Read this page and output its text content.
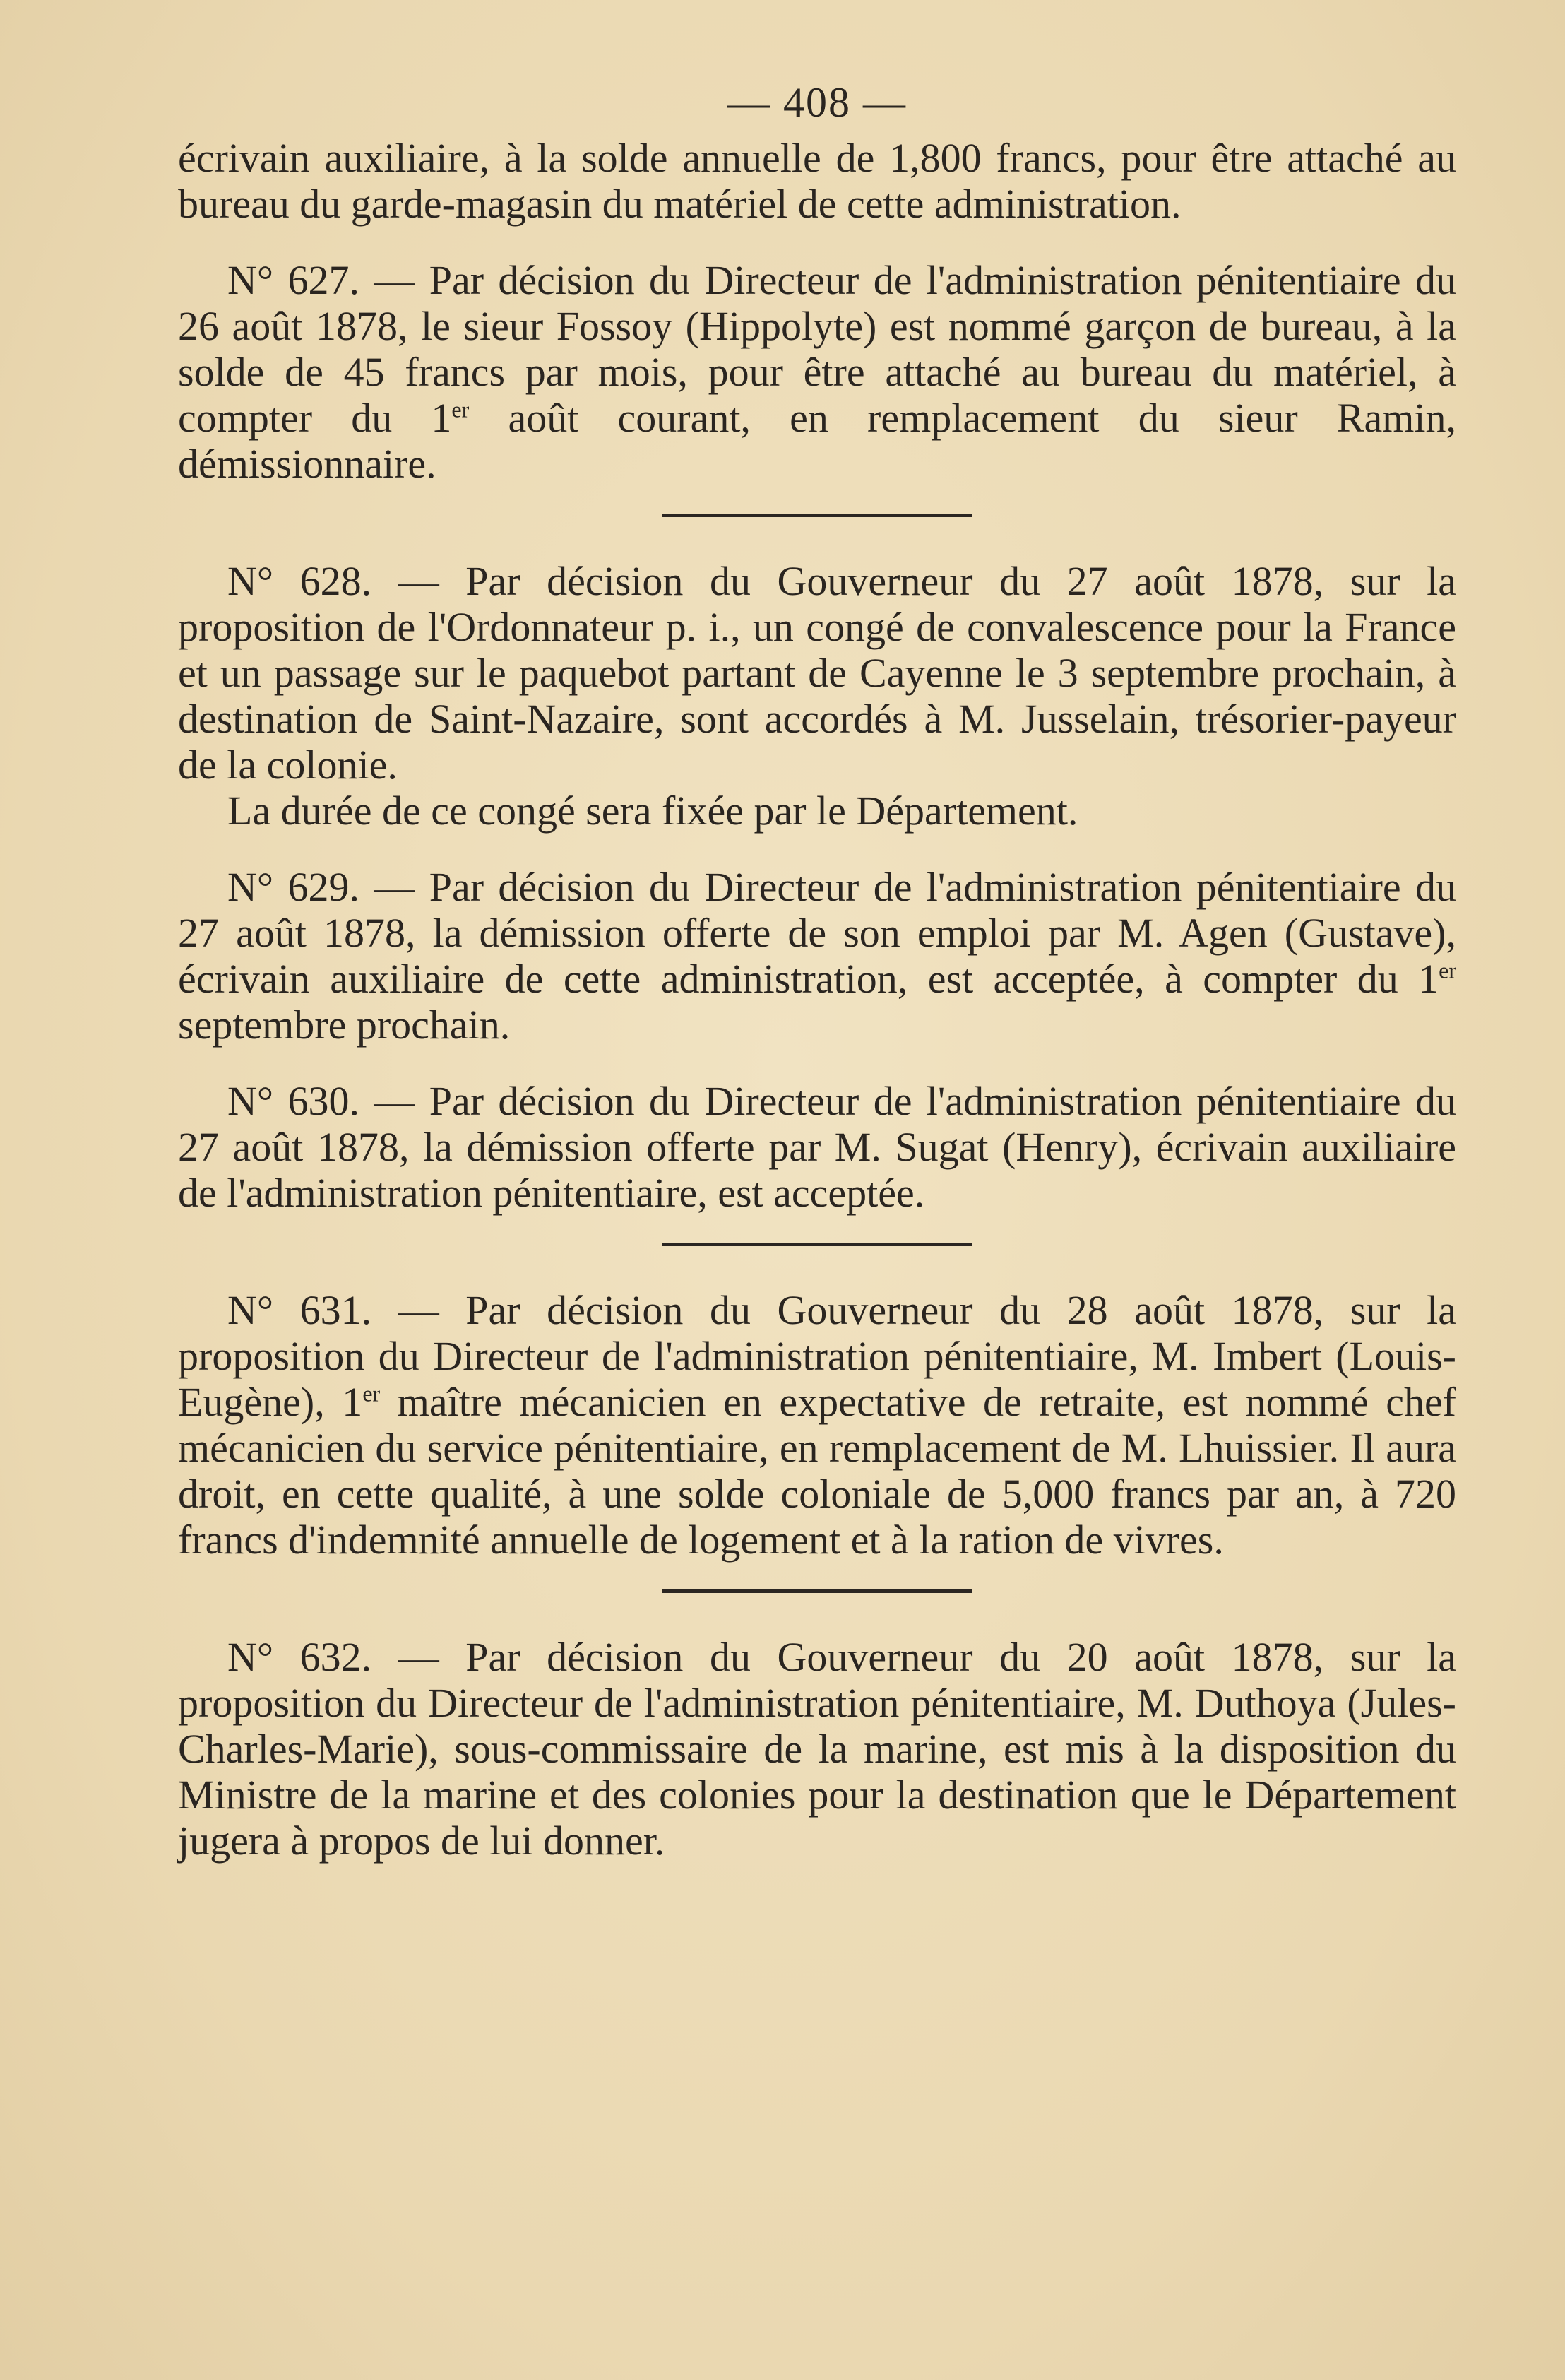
— 408 —

écrivain auxiliaire, à la solde annuelle de 1,800 francs, pour être attaché au bureau du garde-magasin du matériel de cette administration.

N° 627. — Par décision du Directeur de l'administration pénitentiaire du 26 août 1878, le sieur Fossoy (Hippolyte) est nommé garçon de bureau, à la solde de 45 francs par mois, pour être attaché au bureau du matériel, à compter du 1er août courant, en remplacement du sieur Ramin, démissionnaire.

N° 628. — Par décision du Gouverneur du 27 août 1878, sur la proposition de l'Ordonnateur p. i., un congé de convalescence pour la France et un passage sur le paquebot partant de Cayenne le 3 septembre prochain, à destination de Saint-Nazaire, sont accordés à M. Jusselain, trésorier-payeur de la colonie.

La durée de ce congé sera fixée par le Département.

N° 629. — Par décision du Directeur de l'administration pénitentiaire du 27 août 1878, la démission offerte de son emploi par M. Agen (Gustave), écrivain auxiliaire de cette administration, est acceptée, à compter du 1er septembre prochain.

N° 630. — Par décision du Directeur de l'administration pénitentiaire du 27 août 1878, la démission offerte par M. Sugat (Henry), écrivain auxiliaire de l'administration pénitentiaire, est acceptée.

N° 631. — Par décision du Gouverneur du 28 août 1878, sur la proposition du Directeur de l'administration pénitentiaire, M. Imbert (Louis-Eugène), 1er maître mécanicien en expectative de retraite, est nommé chef mécanicien du service pénitentiaire, en remplacement de M. Lhuissier. Il aura droit, en cette qualité, à une solde coloniale de 5,000 francs par an, à 720 francs d'indemnité annuelle de logement et à la ration de vivres.

N° 632. — Par décision du Gouverneur du 20 août 1878, sur la proposition du Directeur de l'administration pénitentiaire, M. Duthoya (Jules-Charles-Marie), sous-commissaire de la marine, est mis à la disposition du Ministre de la marine et des colonies pour la destination que le Département jugera à propos de lui donner.
